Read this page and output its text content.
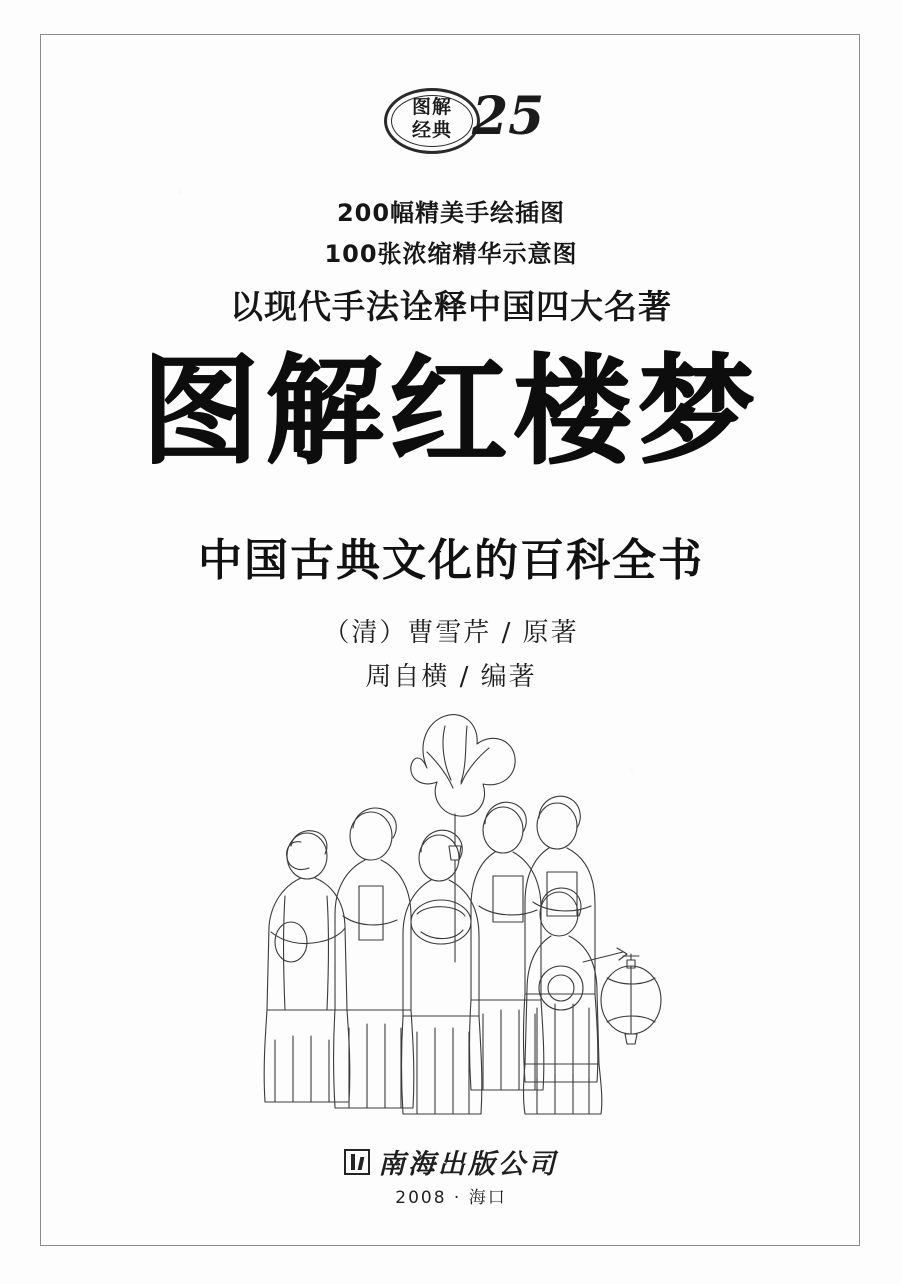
图解
经典 25
200幅精美手绘插图
100张浓缩精华示意图
以现代手法诠释中国四大名著
图解红楼梦
中国古典文化的百科全书
（清）曹雪芹 / 原著
周自横 / 编著
南海出版公司
2008 · 海口
